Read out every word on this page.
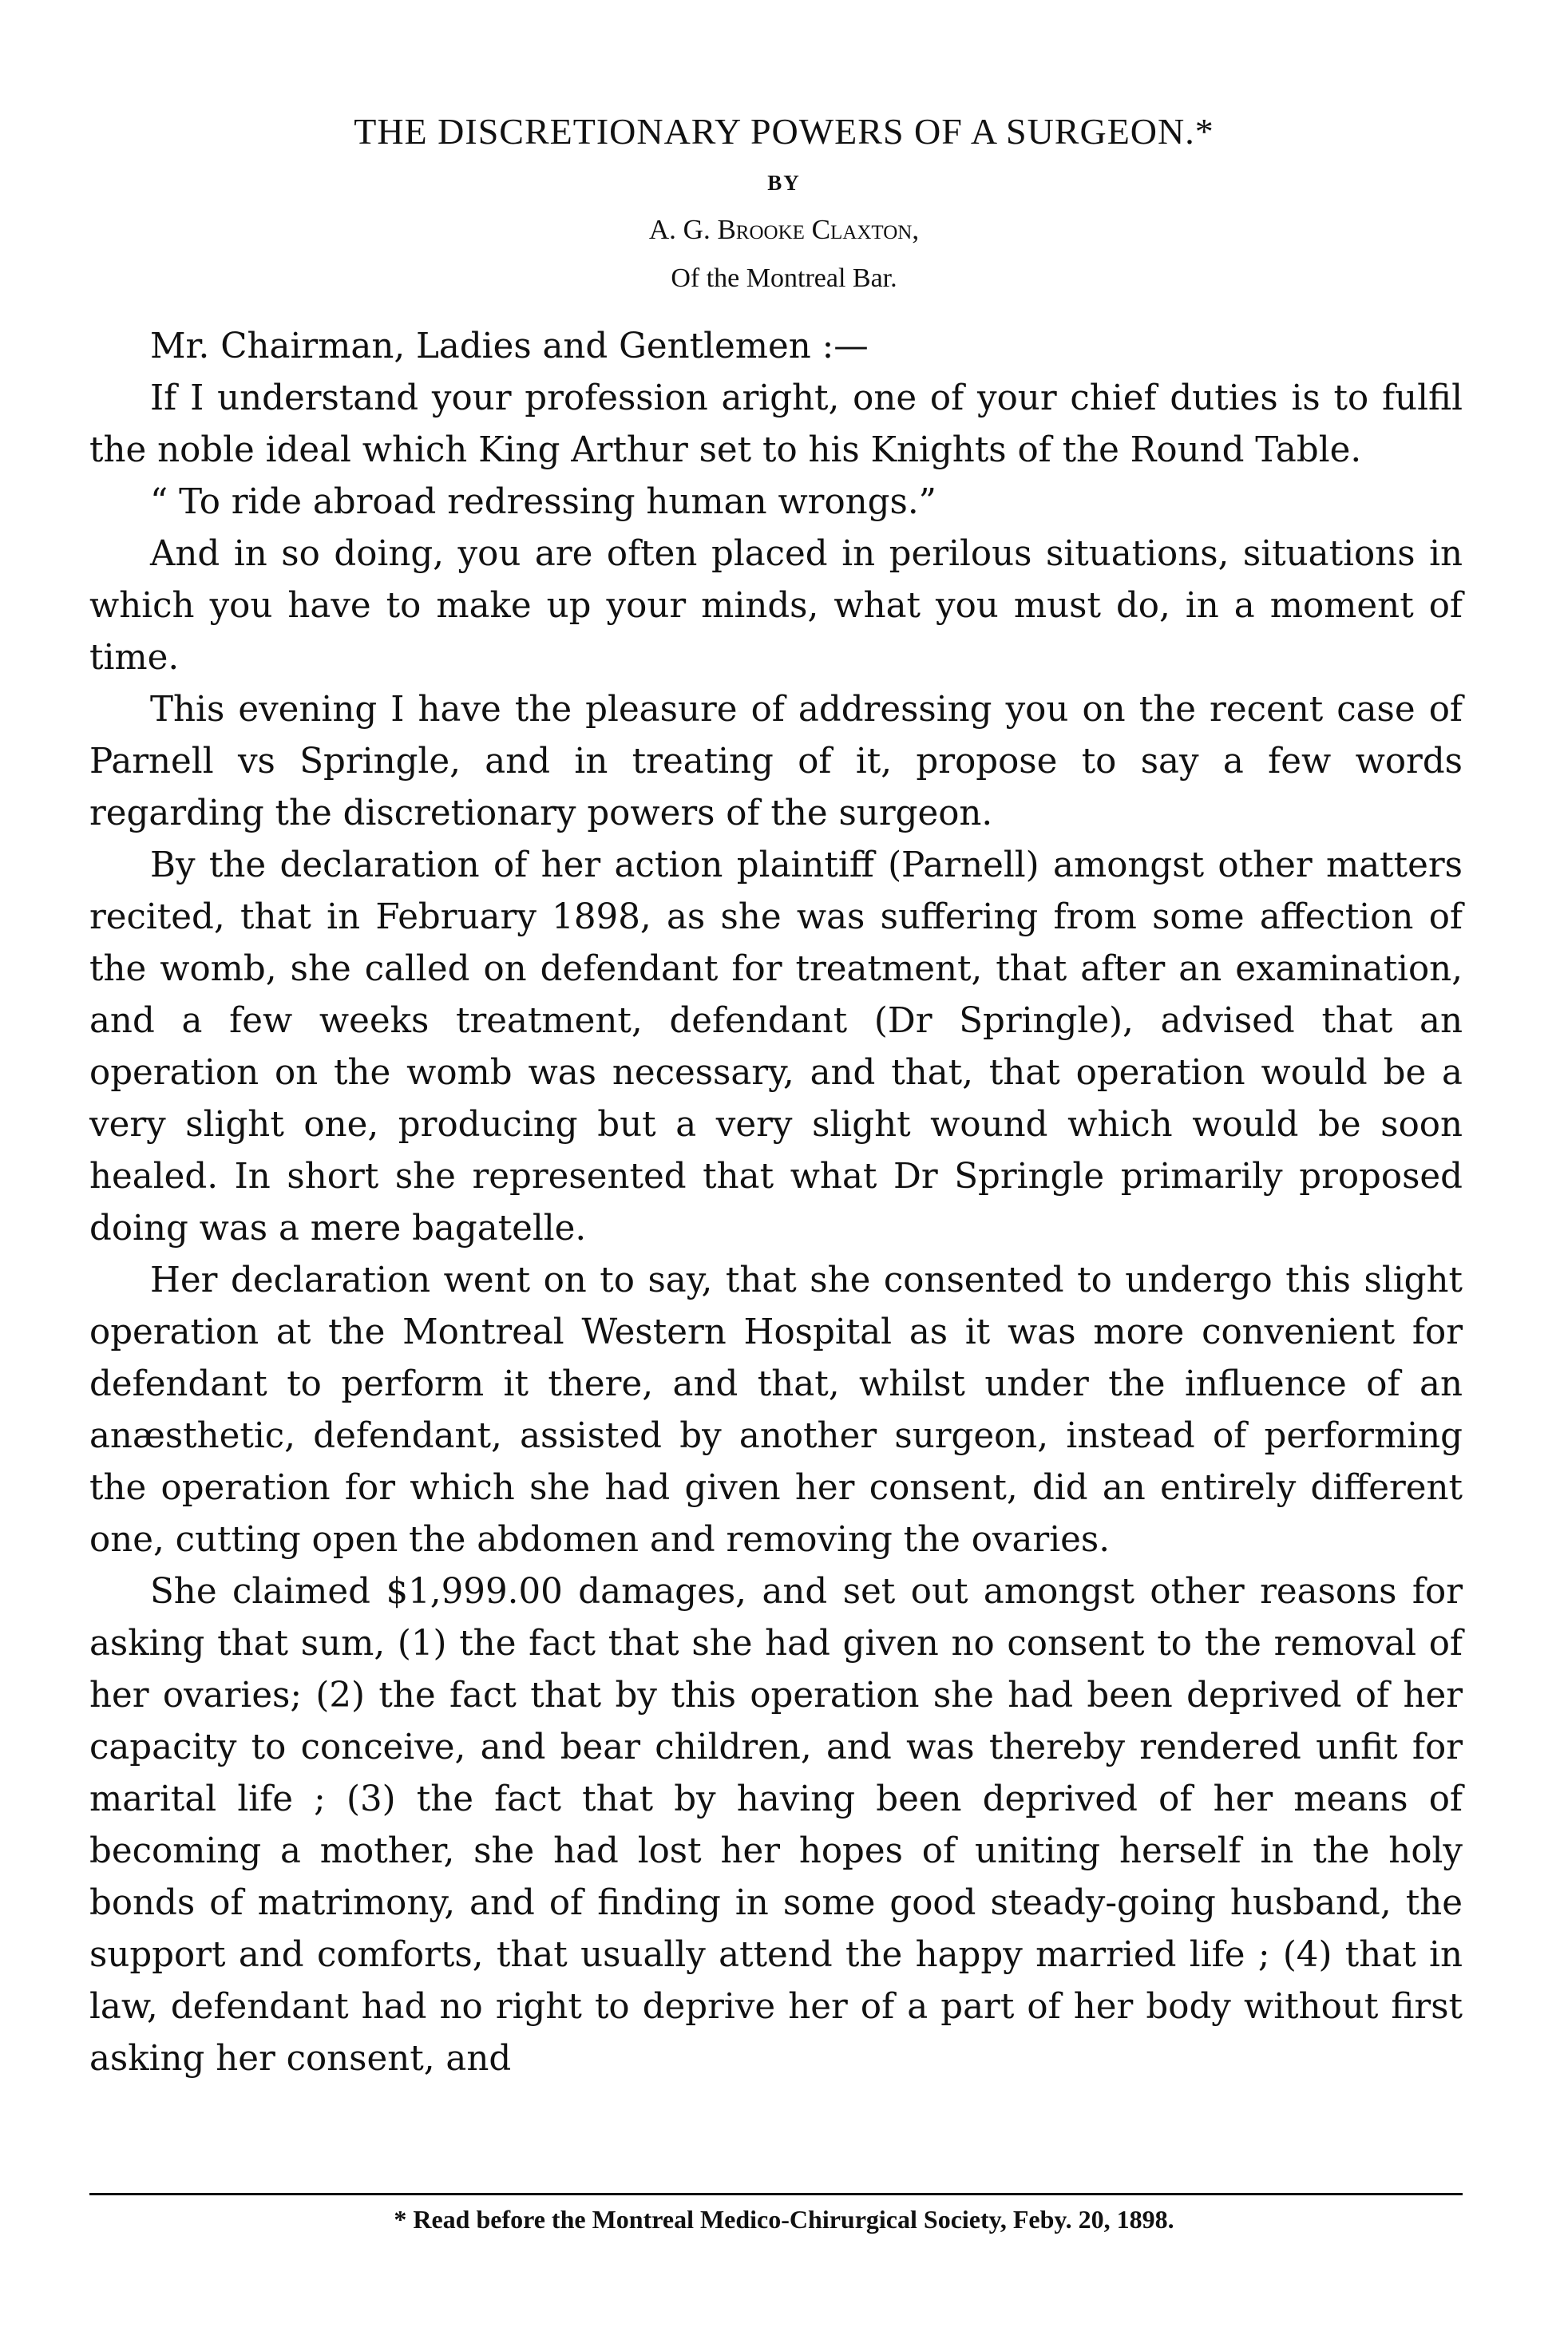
THE DISCRETIONARY POWERS OF A SURGEON.*
BY
A. G. Brooke Claxton,
Of the Montreal Bar.

Mr. Chairman, Ladies and Gentlemen :—

If I understand your profession aright, one of your chief duties is to fulfil the noble ideal which King Arthur set to his Knights of the Round Table.

“ To ride abroad redressing human wrongs.”

And in so doing, you are often placed in perilous situations, situations in which you have to make up your minds, what you must do, in a moment of time.

This evening I have the pleasure of addressing you on the recent case of Parnell vs Springle, and in treating of it, propose to say a few words regarding the discretionary powers of the surgeon.

By the declaration of her action plaintiff (Parnell) amongst other matters recited, that in February 1898, as she was suffering from some affection of the womb, she called on defendant for treatment, that after an examination, and a few weeks treatment, defendant (Dr Springle), advised that an operation on the womb was necessary, and that, that operation would be a very slight one, producing but a very slight wound which would be soon healed. In short she represented that what Dr Springle primarily proposed doing was a mere bagatelle.

Her declaration went on to say, that she consented to undergo this slight operation at the Montreal Western Hospital as it was more convenient for defendant to perform it there, and that, whilst under the influence of an anæsthetic, defendant, assisted by another surgeon, instead of performing the operation for which she had given her consent, did an entirely different one, cutting open the abdomen and removing the ovaries.

She claimed $1,999.00 damages, and set out amongst other reasons for asking that sum, (1) the fact that she had given no consent to the removal of her ovaries; (2) the fact that by this operation she had been deprived of her capacity to conceive, and bear children, and was thereby rendered unfit for marital life ; (3) the fact that by having been deprived of her means of becoming a mother, she had lost her hopes of uniting herself in the holy bonds of matrimony, and of finding in some good steady-going husband, the support and comforts, that usually attend the happy married life ; (4) that in law, defendant had no right to deprive her of a part of her body without first asking her consent, and

* Read before the Montreal Medico-Chirurgical Society, Feby. 20, 1898.
